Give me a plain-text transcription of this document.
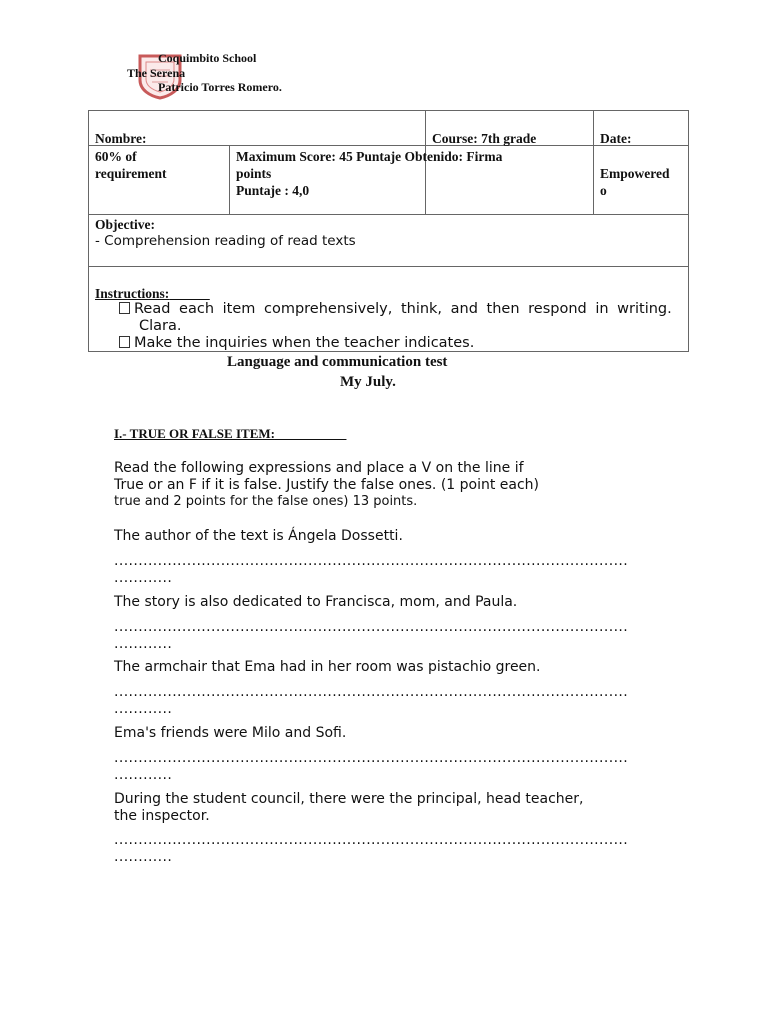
Coquimbito School
The Serena
Patricio Torres Romero.
Nombre:	Course: 7th grade	Date:
60% of
requirement
Maximum Score: 45 Puntaje Obtenido: Firma
points
Puntaje : 4,0
Empowered
o
Objective:
- Comprehension reading of read texts
Instructions:
Read each item comprehensively, think, and then respond in writing.
Clara.
Make the inquiries when the teacher indicates.
Language and communication test
My July.
I.- TRUE OR FALSE ITEM:
Read the following expressions and place a V on the line if
True or an F if it is false. Justify the false ones. (1 point each)
true and 2 points for the false ones) 13 points.
The author of the text is Ángela Dossetti.
..........................................................................................................
............
The story is also dedicated to Francisca, mom, and Paula.
..........................................................................................................
............
The armchair that Ema had in her room was pistachio green.
..........................................................................................................
............
Ema's friends were Milo and Sofi.
..........................................................................................................
............
During the student council, there were the principal, head teacher,
the inspector.
..........................................................................................................
............
